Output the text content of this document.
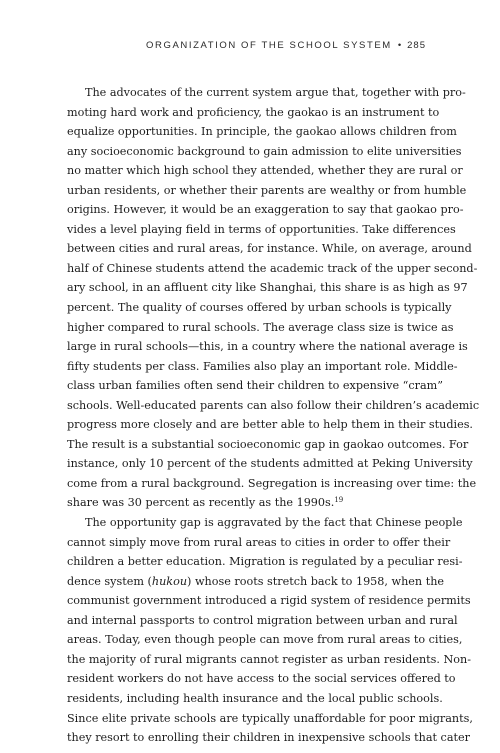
ORGANIZATION OF THE SCHOOL SYSTEM • 285

The advocates of the current system argue that, together with pro-
moting hard work and proficiency, the gaokao is an instrument to
equalize opportunities. In principle, the gaokao allows children from
any socioeconomic background to gain admission to elite universities
no matter which high school they attended, whether they are rural or
urban residents, or whether their parents are wealthy or from humble
origins. However, it would be an exaggeration to say that gaokao pro-
vides a level playing field in terms of opportunities. Take differences
between cities and rural areas, for instance. While, on average, around
half of Chinese students attend the academic track of the upper second-
ary school, in an affluent city like Shanghai, this share is as high as 97
percent. The quality of courses offered by urban schools is typically
higher compared to rural schools. The average class size is twice as
large in rural schools—this, in a country where the national average is
fifty students per class. Families also play an important role. Middle-
class urban families often send their children to expensive “cram”
schools. Well-educated parents can also follow their children’s academic
progress more closely and are better able to help them in their studies.
The result is a substantial socioeconomic gap in gaokao outcomes. For
instance, only 10 percent of the students admitted at Peking University
come from a rural background. Segregation is increasing over time: the
share was 30 percent as recently as the 1990s.$^{19}$

The opportunity gap is aggravated by the fact that Chinese people
cannot simply move from rural areas to cities in order to offer their
children a better education. Migration is regulated by a peculiar resi-
dence system (hukou) whose roots stretch back to 1958, when the
communist government introduced a rigid system of residence permits
and internal passports to control migration between urban and rural
areas. Today, even though people can move from rural areas to cities,
the majority of rural migrants cannot register as urban residents. Non-
resident workers do not have access to the social services offered to
residents, including health insurance and the local public schools.
Since elite private schools are typically unaffordable for poor migrants,
they resort to enrolling their children in inexpensive schools that cater
